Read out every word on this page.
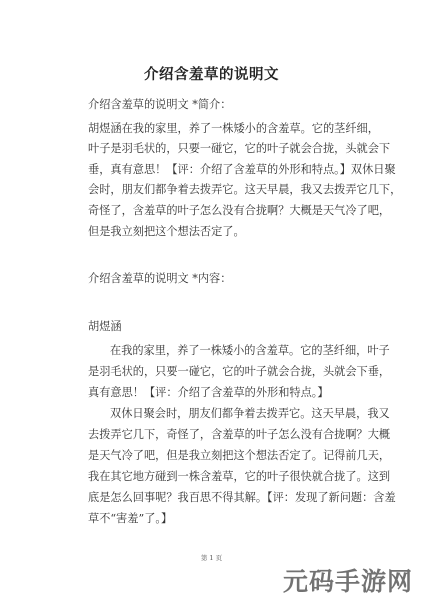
介绍含羞草的说明文
介绍含羞草的说明文 *简介：
胡煜涵在我的家里，养了一株矮小的含羞草。它的茎纤细，
叶子是羽毛状的，只要一碰它，它的叶子就会合拢，头就会下
垂，真有意思！【评：介绍了含羞草的外形和特点。】双休日聚
会时，朋友们都争着去拨弄它。这天早晨，我又去拨弄它几下，
奇怪了，含羞草的叶子怎么没有合拢啊？大概是天气冷了吧，
但是我立刻把这个想法否定了。
介绍含羞草的说明文 *内容：
胡煜涵
在我的家里，养了一株矮小的含羞草。它的茎纤细，叶子
是羽毛状的，只要一碰它，它的叶子就会合拢，头就会下垂，
真有意思！【评：介绍了含羞草的外形和特点。】
双休日聚会时，朋友们都争着去拨弄它。这天早晨，我又
去拨弄它几下，奇怪了，含羞草的叶子怎么没有合拢啊？大概
是天气冷了吧，但是我立刻把这个想法否定了。记得前几天，
我在其它地方碰到一株含羞草，它的叶子很快就合拢了。这到
底是怎么回事呢？我百思不得其解。【评：发现了新问题：含羞
草不“害羞”了。】
第 1 页
元码手游网
